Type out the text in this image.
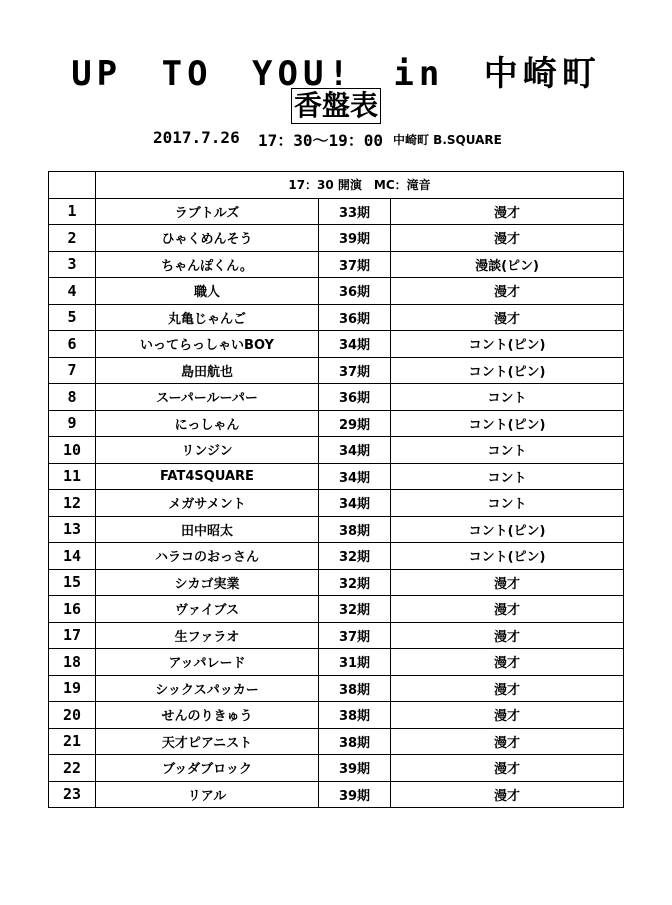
UP TO YOU! in 中崎町
香盤表
2017.7.26 17：30～19：00 中崎町 B.SQUARE
	17：30 開演　MC：滝音		
1	ラブトルズ	33期	漫才
2	ひゃくめんそう	39期	漫才
3	ちゃんぽくん。	37期	漫談(ピン)
4	職人	36期	漫才
5	丸亀じゃんご	36期	漫才
6	いってらっしゃいBOY	34期	コント(ピン)
7	島田航也	37期	コント(ピン)
8	スーパールーパー	36期	コント
9	にっしゃん	29期	コント(ピン)
10	リンジン	34期	コント
11	FAT4SQUARE	34期	コント
12	メガサメント	34期	コント
13	田中昭太	38期	コント(ピン)
14	ハラコのおっさん	32期	コント(ピン)
15	シカゴ実業	32期	漫才
16	ヴァイブス	32期	漫才
17	生ファラオ	37期	漫才
18	アッパレード	31期	漫才
19	シックスパッカー	38期	漫才
20	せんのりきゅう	38期	漫才
21	天才ピアニスト	38期	漫才
22	ブッダブロック	39期	漫才
23	リアル	39期	漫才
